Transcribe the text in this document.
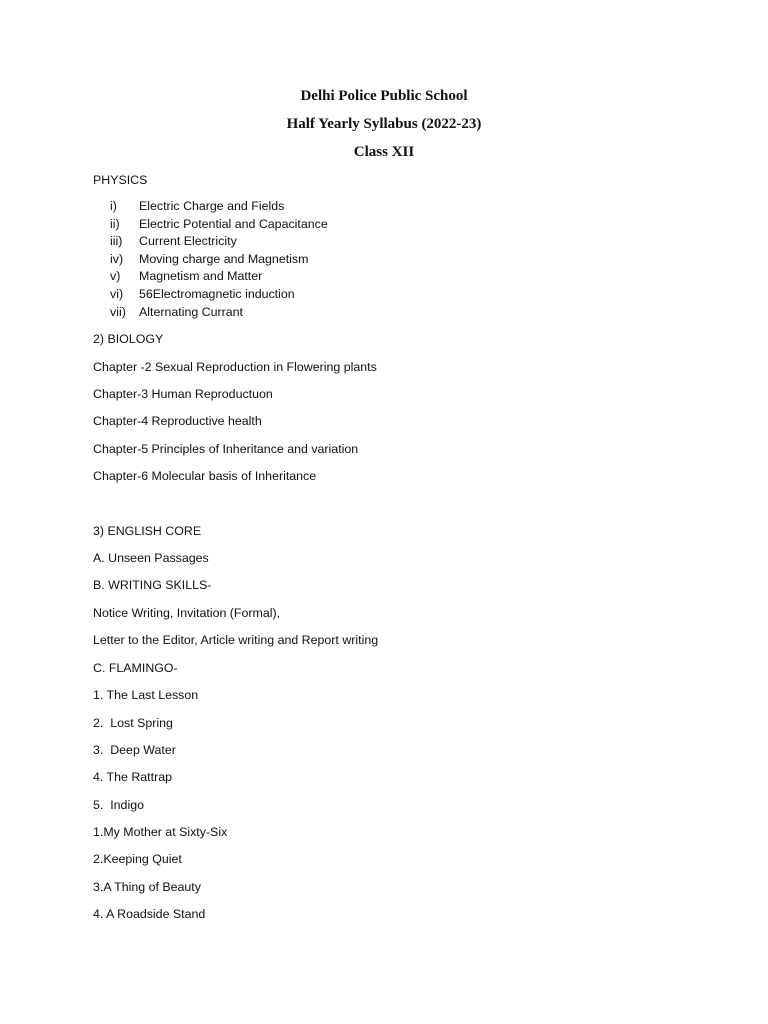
Delhi Police Public School
Half Yearly Syllabus (2022-23)
Class XII
PHYSICS
i) Electric Charge and Fields
ii) Electric Potential and Capacitance
iii) Current Electricity
iv) Moving charge and Magnetism
v) Magnetism and Matter
vi) 56Electromagnetic induction
vii) Alternating Currant
2) BIOLOGY
Chapter -2 Sexual Reproduction in Flowering plants
Chapter-3 Human Reproductuon
Chapter-4 Reproductive health
Chapter-5 Principles of Inheritance and variation
Chapter-6 Molecular basis of Inheritance
3) ENGLISH CORE
A. Unseen Passages
B. WRITING SKILLS-
Notice Writing, Invitation (Formal),
Letter to the Editor, Article writing and Report writing
C. FLAMINGO-
1. The Last Lesson
2.  Lost Spring
3.  Deep Water
4. The Rattrap
5.  Indigo
1.My Mother at Sixty-Six
2.Keeping Quiet
3.A Thing of Beauty
4. A Roadside Stand
